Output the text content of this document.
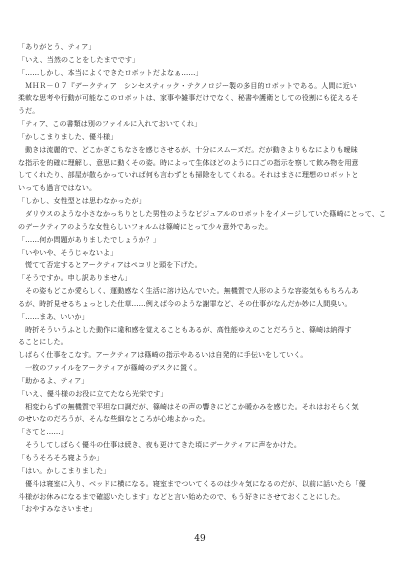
「ありがとう、ティア」
「いえ、当然のことをしたまでです」
「……しかし、本当によくできたロボットだよなぁ……」
　ＭＨＲ－０７『デークティア　シンセスティック・テクノロジー製の多目的ロボットである。人間に近い
柔軟な思考や行動が可能なこのロボットは、家事や雑事だけでなく、秘書や護衛としての役割にも従えるそ
うだ。
「ティア、この書類は別のファイルに入れておいてくれ」
「かしこまりました、優斗様」
　動きは流麗的で、どこかぎこちなさを感じさせるが、十分にスムーズだ。だが動きよりもなによりも曖昧
な指示を的確に理解し、意思に動くその姿。時によって生体ほどのように口ごの指示を察して飲み物を用意
してくれたり、部屋が散らかっていれば何も言わずとも掃除をしてくれる。それはまさに理想のロボットと
いっても過言ではない。
「しかし、女性型とは思わなかったが」
　ダリウスのような小さなかっちりとした男性のようなビジュアルのロボットをイメージしていた篠崎にとって、こ
のデークティアのような女性らしいフォルムは篠崎にとって少々意外であった。
「……何か問題がありましたでしょうか？」
「いやいや、そうじゃないよ」
　慌てて否定するとアークティアはペコリと頭を下げた。
「そうですか。申し訳ありません」
　その姿もどこか愛らしく、運動感なく生活に溶け込んでいた。無機質で人形のような容姿気ももちろんあ
るが、時折見せるちょっとした仕草……例えば今のような謝罪など、その仕事がなんだか妙に人間臭い。
「……まあ、いいか」
　時折そういうふとした動作に違和感を覚えることもあるが、高性能ゆえのことだろうと、篠崎は納得す
ることにした。
しばらく仕事をこなす。アークティアは篠崎の指示やあるいは自発的に手伝いをしていく。
　一枚のファイルをアークティアが篠崎のデスクに置く。
「助かるよ、ティア」
「いえ、優斗様のお役に立てたなら光栄です」
　相変わらずの無機質で平坦な口調だが、篠崎はその声の響きにどこか暖かみを感じた。それはおそらく気
のせいなのだろうが、そんな些細なところが心地よかった。
「さてと……」
　そうしてしばらく優斗の仕事は続き、夜も更けてきた頃にデークティアに声をかけた。
「もうそろそろ寝ようか」
「はい。かしこまりました」
　優斗は寝室に入り、ベッドに横になる。寝室までついてくるのは少々気になるのだが、以前に話いたら「優
斗様がお休みになるまで確認いたします」などと言い始めたので、もう好きにさせておくことにした。
「おやすみなさいませ」
49
